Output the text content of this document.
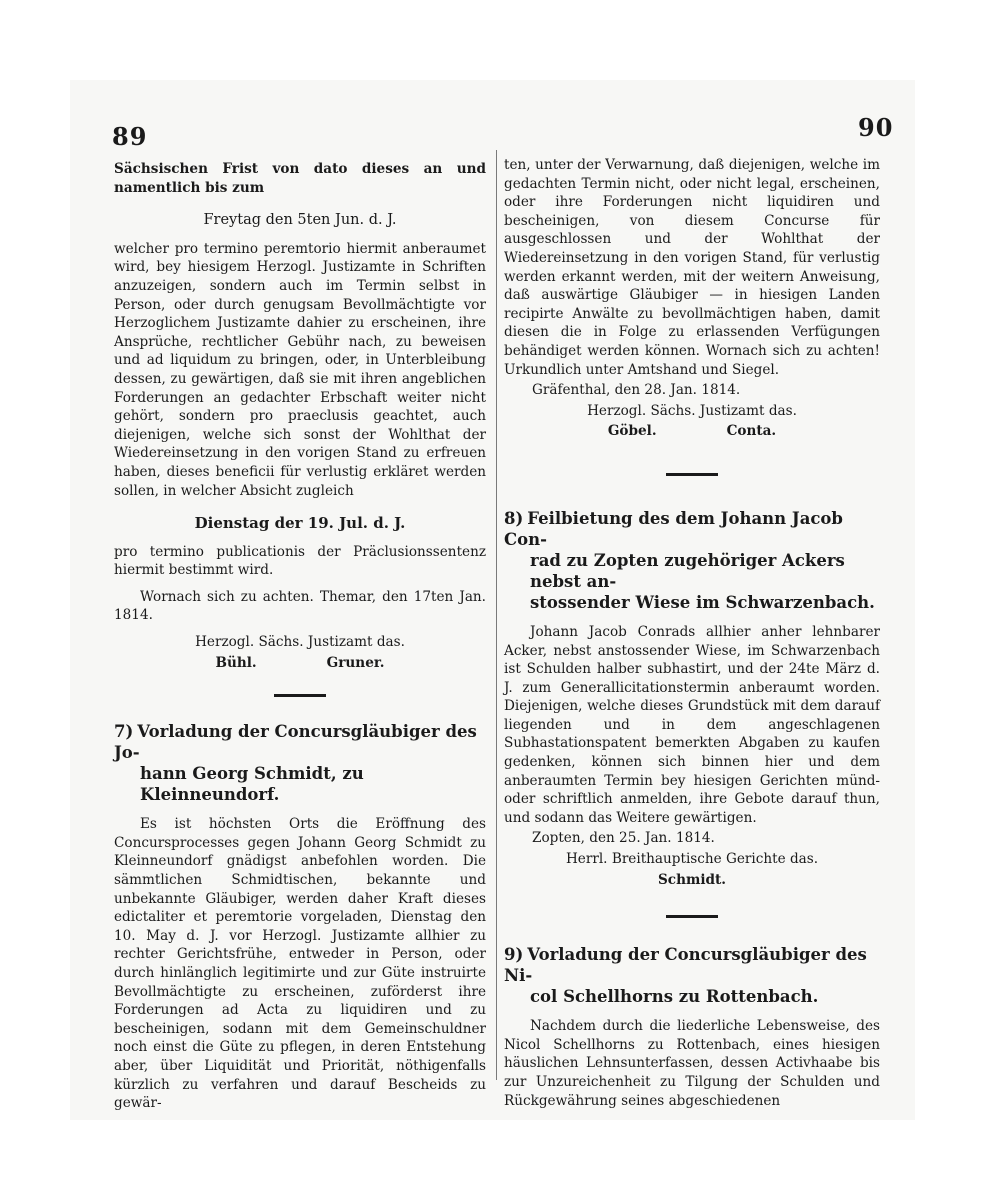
89	90

Sächsischen Frist von dato dieses an und namentlich bis zum

Freytag den 5ten Jun. d. J.

welcher pro termino peremtorio hiermit anberaumet wird, bey hiesigem Herzogl. Justizamte in Schriften anzuzeigen, sondern auch im Termin selbst in Person, oder durch genugsam Bevollmächtigte vor Herzoglichem Justizamte dahier zu erscheinen, ihre Ansprüche, rechtlicher Gebühr nach, zu beweisen und ad liquidum zu bringen, oder, in Unterbleibung dessen, zu gewärtigen, daß sie mit ihren angeblichen Forderungen an gedachter Erbschaft weiter nicht gehört, sondern pro praeclusis geachtet, auch diejenigen, welche sich sonst der Wohlthat der Wiedereinsetzung in den vorigen Stand zu erfreuen haben, dieses beneficii für verlustig erkläret werden sollen, in welcher Absicht zugleich

Dienstag der 19. Jul. d. J.

pro termino publicationis der Präclusionssentenz hiermit bestimmt wird.

Wornach sich zu achten. Themar, den 17ten Jan. 1814.

Herzogl. Sächs. Justizamt das.

Bühl.	Gruner.
7) Vorladung der Concursgläubiger des Jo-
hann Georg Schmidt, zu Kleinneundorf.

Es ist höchsten Orts die Eröffnung des Concursprocesses gegen Johann Georg Schmidt zu Kleinneundorf gnädigst anbefohlen worden. Die sämmtlichen Schmidtischen, bekannte und unbekannte Gläubiger, werden daher Kraft dieses edictaliter et peremtorie vorgeladen, Dienstag den 10. May d. J. vor Herzogl. Justizamte allhier zu rechter Gerichtsfrühe, entweder in Person, oder durch hinlänglich legitimirte und zur Güte instruirte Bevollmächtigte zu erscheinen, zuförderst ihre Forderungen ad Acta zu liquidiren und zu bescheinigen, sodann mit dem Gemeinschuldner noch einst die Güte zu pflegen, in deren Entstehung aber, über Liquidität und Priorität, nöthigenfalls kürzlich zu verfahren und darauf Bescheids zu gewär-

ten, unter der Verwarnung, daß diejenigen, welche im gedachten Termin nicht, oder nicht legal, erscheinen, oder ihre Forderungen nicht liquidiren und bescheinigen, von diesem Concurse für ausgeschlossen und der Wohlthat der Wiedereinsetzung in den vorigen Stand, für verlustig werden erkannt werden, mit der weitern Anweisung, daß auswärtige Gläubiger — in hiesigen Landen recipirte Anwälte zu bevollmächtigen haben, damit diesen die in Folge zu erlassenden Verfügungen behändiget werden können. Wornach sich zu achten! Urkundlich unter Amtshand und Siegel.

Gräfenthal, den 28. Jan. 1814.

Herzogl. Sächs. Justizamt das.

Göbel.	Conta.
8) Feilbietung des dem Johann Jacob Con-
rad zu Zopten zugehöriger Ackers nebst an-
stossender Wiese im Schwarzenbach.

Johann Jacob Conrads allhier anher lehnbarer Acker, nebst anstossender Wiese, im Schwarzenbach ist Schulden halber subhastirt, und der 24te März d. J. zum Generallicitationstermin anberaumt worden. Diejenigen, welche dieses Grundstück mit dem darauf liegenden und in dem angeschlagenen Subhastationspatent bemerkten Abgaben zu kaufen gedenken, können sich binnen hier und dem anberaumten Termin bey hiesigen Gerichten münd- oder schriftlich anmelden, ihre Gebote darauf thun, und sodann das Weitere gewärtigen.

Zopten, den 25. Jan. 1814.

Herrl. Breithauptische Gerichte das.

Schmidt.

9) Vorladung der Concursgläubiger des Ni-
col Schellhorns zu Rottenbach.

Nachdem durch die liederliche Lebensweise, des Nicol Schellhorns zu Rottenbach, eines hiesigen häuslichen Lehnsunterfassen, dessen Activhaabe bis zur Unzureichenheit zu Tilgung der Schulden und Rückgewährung seines abgeschiedenen
